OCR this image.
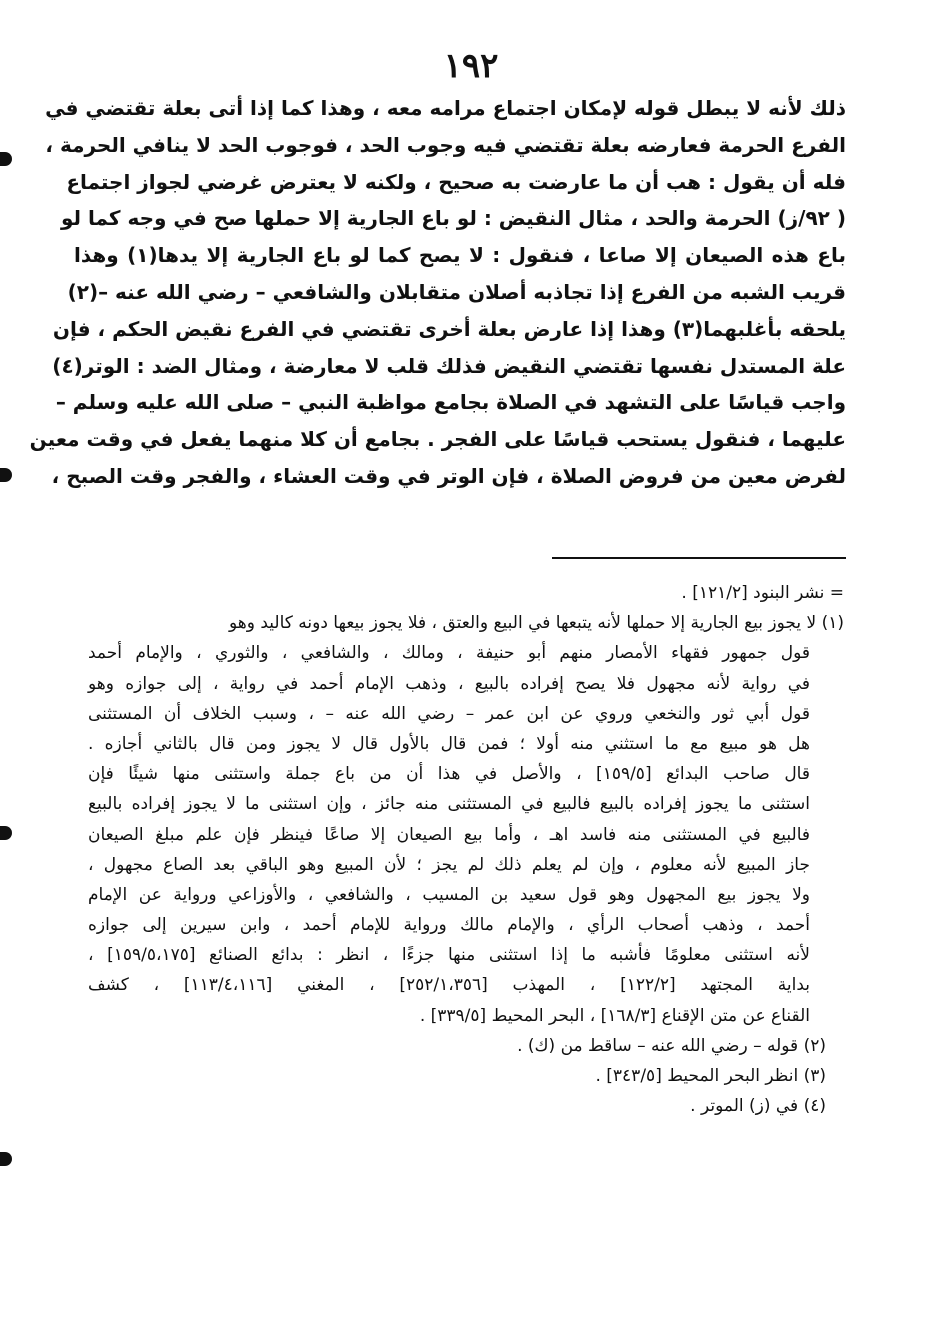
١٩٢
ذلك لأنه لا يبطل قوله لإمكان اجتماع مرامه معه ، وهذا كما إذا أتى بعلة تقتضي في
الفرع الحرمة فعارضه بعلة تقتضي فيه وجوب الحد ، فوجوب الحد لا ينافي الحرمة ،
فله أن يقول : هب أن ما عارضت به صحيح ، ولكنه لا يعترض غرضي لجواز اجتماع
( ٩٢/ز) الحرمة والحد ، مثال النقيض : لو باع الجارية إلا حملها صح في وجه كما لو
باع هذه الصيعان إلا صاعا ، فنقول : لا يصح كما لو باع الجارية إلا يدها(١) وهذا
قريب الشبه من الفرع إذا تجاذبه أصلان متقابلان والشافعي – رضي الله عنه –(٢)
يلحقه بأغلبهما(٣) وهذا إذا عارض بعلة أخرى تقتضي في الفرع نقيض الحكم ، فإن
علة المستدل نفسها تقتضي النقيض فذلك قلب لا معارضة ، ومثال الضد : الوتر(٤)
واجب قياسًا على التشهد في الصلاة بجامع مواظبة النبي – صلى الله عليه وسلم –
عليهما ، فنقول يستحب قياسًا على الفجر . بجامع أن كلا منهما يفعل في وقت معين
لفرض معين من فروض الصلاة ، فإن الوتر في وقت العشاء ، والفجر وقت الصبح ،
= نشر البنود [١٢١/٢] .
(١) لا يجوز بيع الجارية إلا حملها لأنه يتبعها في البيع والعتق ، فلا يجوز بيعها دونه كاليد وهو
قول جمهور فقهاء الأمصار منهم أبو حنيفة ، ومالك ، والشافعي ، والثوري ، والإمام أحمد
في رواية لأنه مجهول فلا يصح إفراده بالبيع ، وذهب الإمام أحمد في رواية ، إلى جوازه وهو
قول أبي ثور والنخعي وروي عن ابن عمر – رضي الله عنه – ، وسبب الخلاف أن المستثنى
هل هو مبيع مع ما استثني منه أولا ؛ فمن قال بالأول قال لا يجوز ومن قال بالثاني أجازه .
قال صاحب البدائع [١٥٩/٥] ، والأصل في هذا أن من باع جملة واستثنى منها شيئًا فإن
استثنى ما يجوز إفراده بالبيع فالبيع في المستثنى منه جائز ، وإن استثنى ما لا يجوز إفراده بالبيع
فالبيع في المستثنى منه فاسد اهـ ، وأما بيع الصيعان إلا صاعًا فينظر فإن علم مبلغ الصيعان
جاز المبيع لأنه معلوم ، وإن لم يعلم ذلك لم يجز ؛ لأن المبيع وهو الباقي بعد الصاع مجهول ،
ولا يجوز بيع المجهول وهو قول سعيد بن المسيب ، والشافعي ، والأوزاعي ورواية عن الإمام
أحمد ، وذهب أصحاب الرأي ، والإمام مالك ورواية للإمام أحمد ، وابن سيرين إلى جوازه
لأنه استثنى معلومًا فأشبه ما إذا استثنى منها جزءًا ، انظر : بدائع الصنائع [١٥٩/٥،١٧٥] ،
بداية المجتهد [١٢٢/٢] ، المهذب [٢٥٢/١،٣٥٦] ، المغني [١١٣/٤،١١٦] ، كشف
القناع عن متن الإقناع [١٦٨/٣] ، البحر المحيط [٣٣٩/٥] .
(٢) قوله – رضي الله عنه – ساقط من (ك) .
(٣) انظر البحر المحيط [٣٤٣/٥] .
(٤) في (ز) الموتر .
